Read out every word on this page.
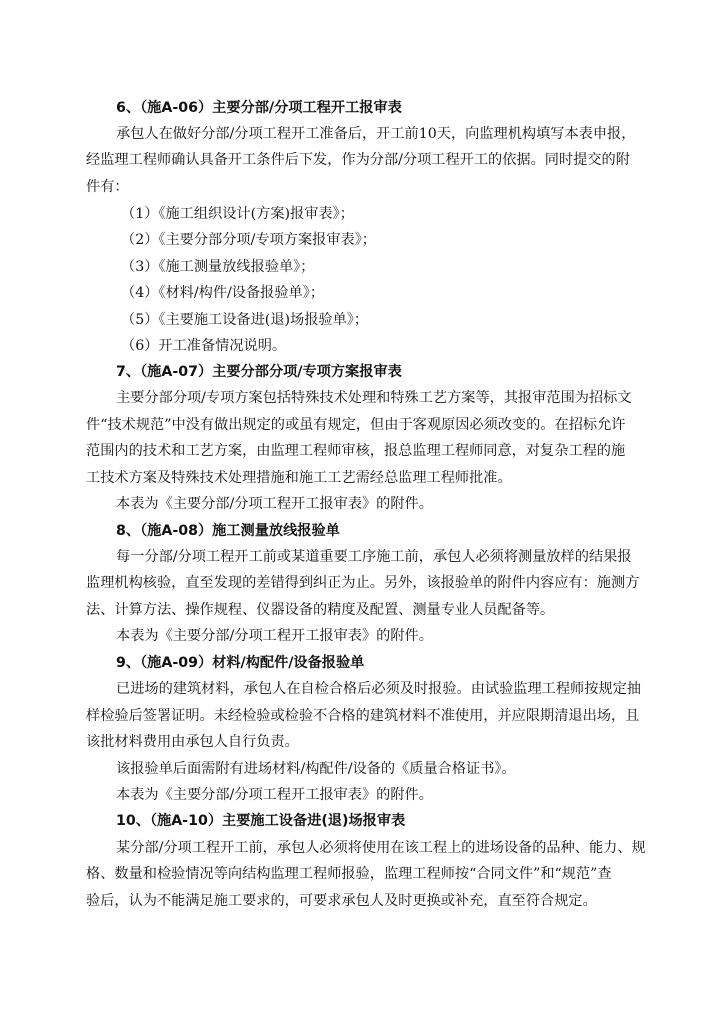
6、（施A-06）主要分部/分项工程开工报审表
承包人在做好分部/分项工程开工准备后，开工前10天，向监理机构填写本表申报，
经监理工程师确认具备开工条件后下发，作为分部/分项工程开工的依据。同时提交的附
件有：
（1）《施工组织设计(方案)报审表》；
（2）《主要分部分项/专项方案报审表》；
（3）《施工测量放线报验单》；
（4）《材料/构件/设备报验单》；
（5）《主要施工设备进(退)场报验单》；
（6）开工准备情况说明。
7、（施A-07）主要分部分项/专项方案报审表
主要分部分项/专项方案包括特殊技术处理和特殊工艺方案等，其报审范围为招标文
件“技术规范”中没有做出规定的或虽有规定，但由于客观原因必须改变的。在招标允许
范围内的技术和工艺方案，由监理工程师审核，报总监理工程师同意，对复杂工程的施
工技术方案及特殊技术处理措施和施工工艺需经总监理工程师批准。
本表为《主要分部/分项工程开工报审表》的附件。
8、（施A-08）施工测量放线报验单
每一分部/分项工程开工前或某道重要工序施工前，承包人必须将测量放样的结果报
监理机构核验，直至发现的差错得到纠正为止。另外，该报验单的附件内容应有：施测方
法、计算方法、操作规程、仪器设备的精度及配置、测量专业人员配备等。
本表为《主要分部/分项工程开工报审表》的附件。
9、（施A-09）材料/构配件/设备报验单
已进场的建筑材料，承包人在自检合格后必须及时报验。由试验监理工程师按规定抽
样检验后签署证明。未经检验或检验不合格的建筑材料不准使用，并应限期清退出场，且
该批材料费用由承包人自行负责。
该报验单后面需附有进场材料/构配件/设备的《质量合格证书》。
本表为《主要分部/分项工程开工报审表》的附件。
10、（施A-10）主要施工设备进(退)场报审表
某分部/分项工程开工前，承包人必须将使用在该工程上的进场设备的品种、能力、规
格、数量和检验情况等向结构监理工程师报验，监理工程师按“合同文件”和“规范”查
验后，认为不能满足施工要求的，可要求承包人及时更换或补充，直至符合规定。
